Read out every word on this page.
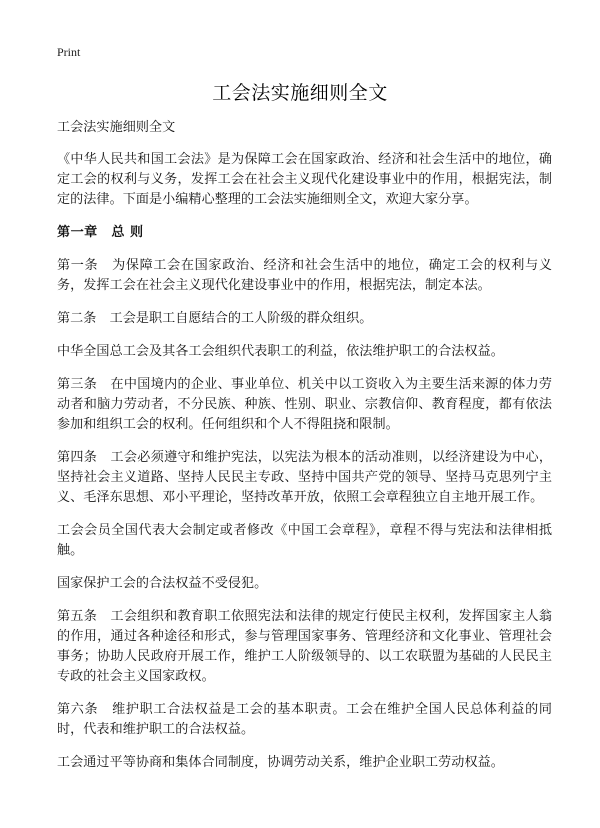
Print
工会法实施细则全文

工会法实施细则全文

《中华人民共和国工会法》是为保障工会在国家政治、经济和社会生活中的地位，确定工会的权利与义务，发挥工会在社会主义现代化建设事业中的作用，根据宪法，制定的法律。下面是小编精心整理的工会法实施细则全文，欢迎大家分享。

第一章　总 则

第一条　为保障工会在国家政治、经济和社会生活中的地位，确定工会的权利与义务，发挥工会在社会主义现代化建设事业中的作用，根据宪法，制定本法。

第二条　工会是职工自愿结合的工人阶级的群众组织。

中华全国总工会及其各工会组织代表职工的利益，依法维护职工的合法权益。

第三条　在中国境内的企业、事业单位、机关中以工资收入为主要生活来源的体力劳动者和脑力劳动者，不分民族、种族、性别、职业、宗教信仰、教育程度，都有依法参加和组织工会的权利。任何组织和个人不得阻挠和限制。

第四条　工会必须遵守和维护宪法，以宪法为根本的活动准则，以经济建设为中心，坚持社会主义道路、坚持人民民主专政、坚持中国共产党的领导、坚持马克思列宁主义、毛泽东思想、邓小平理论，坚持改革开放，依照工会章程独立自主地开展工作。

工会会员全国代表大会制定或者修改《中国工会章程》，章程不得与宪法和法律相抵触。

国家保护工会的合法权益不受侵犯。

第五条　工会组织和教育职工依照宪法和法律的规定行使民主权利，发挥国家主人翁的作用，通过各种途径和形式，参与管理国家事务、管理经济和文化事业、管理社会事务；协助人民政府开展工作，维护工人阶级领导的、以工农联盟为基础的人民民主专政的社会主义国家政权。

第六条　维护职工合法权益是工会的基本职责。工会在维护全国人民总体利益的同时，代表和维护职工的合法权益。

工会通过平等协商和集体合同制度，协调劳动关系，维护企业职工劳动权益。
